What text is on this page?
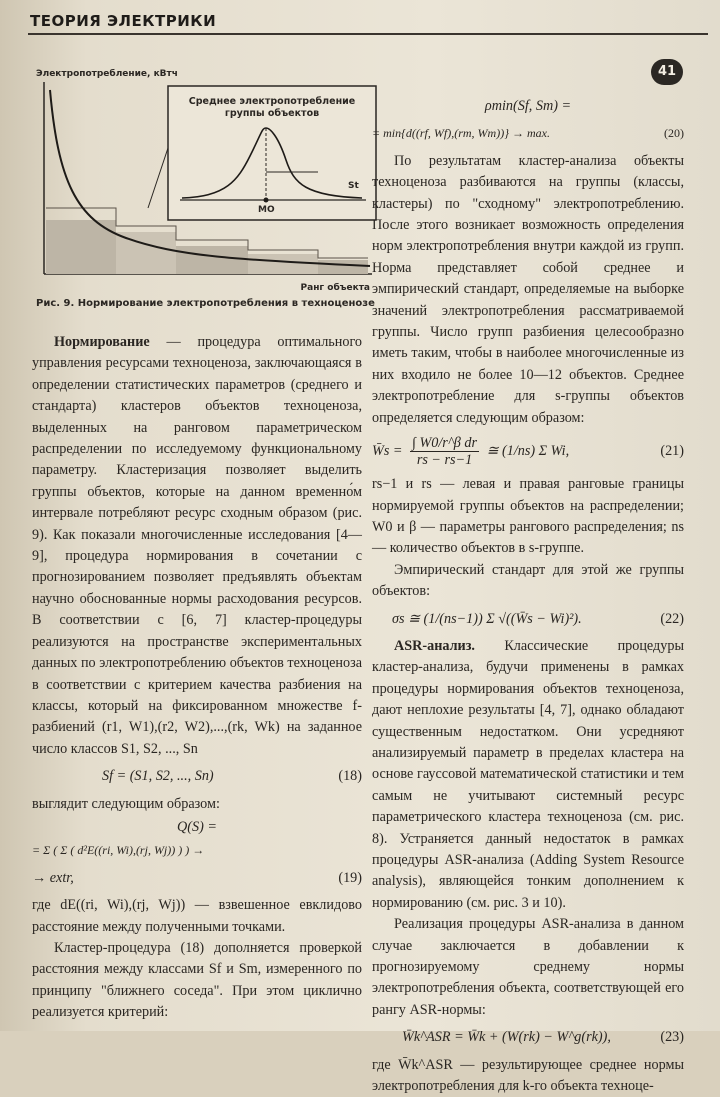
ТЕОРИЯ ЭЛЕКТРИКИ
41
Электропотребление, кВтч
Среднее электропотребление
группы объектов
МО
St
Ранг объекта
Рис. 9. Нормирование электропотребления в техноценозе

Нормирование — процедура оптимального управления ресурсами техноценоза, заключающаяся в определении статистических параметров (среднего и стандарта) кластеров объектов техноценоза, выделенных на ранговом параметрическом распределении по исследуемому функциональному параметру. Кластеризация позволяет выделить группы объектов, которые на данном временно́м интервале потребляют ресурс сходным образом (рис. 9). Как показали многочисленные исследования [4—9], процедура нормирования в сочетании с прогнозированием позволяет предъявлять объектам научно обоснованные нормы расходования ресурсов. В соответствии с [6, 7] кластер-процедуры реализуются на пространстве экспериментальных данных по электропотреблению объектов техноценоза в соответствии с критерием качества разбиения на классы, который на фиксированном множестве f-разбиений (r1, W1),(r2, W2),...,(rk, Wk) на заданное число классов S1, S2, ..., Sn

Sf = (S1, S2, ..., Sn)	(18)

выглядит следующим образом:

Q(S) =
= Σ ( Σ ( d²E((ri, Wi),(rj, Wj)) ) ) →
→ extr,	(19)

где dE((ri, Wi),(rj, Wj)) — взвешенное евклидово расстояние между полученными точками.

Кластер-процедура (18) дополняется проверкой расстояния между классами Sf и Sm, измеренного по принципу "ближнего соседа". При этом циклично реализуется критерий:

ρmin(Sf, Sm) =
= min{d((rf, Wf),(rm, Wm))} → max.	(20)

По результатам кластер-анализа объекты техноценоза разбиваются на группы (классы, кластеры) по "сходному" электропотреблению. После этого возникает возможность определения норм электропотребления внутри каждой из групп. Норма представляет собой среднее и эмпирический стандарт, определяемые на выборке значений электропотребления рассматриваемой группы. Число групп разбиения целесообразно иметь таким, чтобы в наиболее многочисленные из них входило не более 10—12 объектов. Среднее электропотребление для s-группы объектов определяется следующим образом:

W̄s = $\frac{\text{∫ W0/r\textasciicircum{}β dr}}{rs - rs-1}$ ≅ (1/ns) Σ Wi,	(21)

rs−1 и rs — левая и правая ранговые границы нормируемой группы объектов на распределении; W0 и β — параметры рангового распределения; ns — количество объектов в s-группе.

Эмпирический стандарт для этой же группы объектов:

σs ≅ (1/(ns−1)) Σ √((W̄s − Wi)²).	(22)

ASR-анализ. Классические процедуры кластер-анализа, будучи применены в рамках процедуры нормирования объектов техноценоза, дают неплохие результаты [4, 7], однако обладают существенным недостатком. Они усредняют анализируемый параметр в пределах кластера на основе гауссовой математической статистики и тем самым не учитывают системный ресурс параметрического кластера техноценоза (см. рис. 8). Устраняется данный недостаток в рамках процедуры ASR-анализа (Adding System Resource analysis), являющейся тонким дополнением к нормированию (см. рис. 3 и 10).

Реализация процедуры ASR-анализа в данном случае заключается в добавлении к прогнозируемому среднему нормы электропотребления объекта, соответствующей его рангу ASR-нормы:

W̄k^ASR = W̄k + (W(rk) − W^g(rk)),	(23)

где W̄k^ASR — результирующее среднее нормы электропотребления для k-го объекта техноце-
